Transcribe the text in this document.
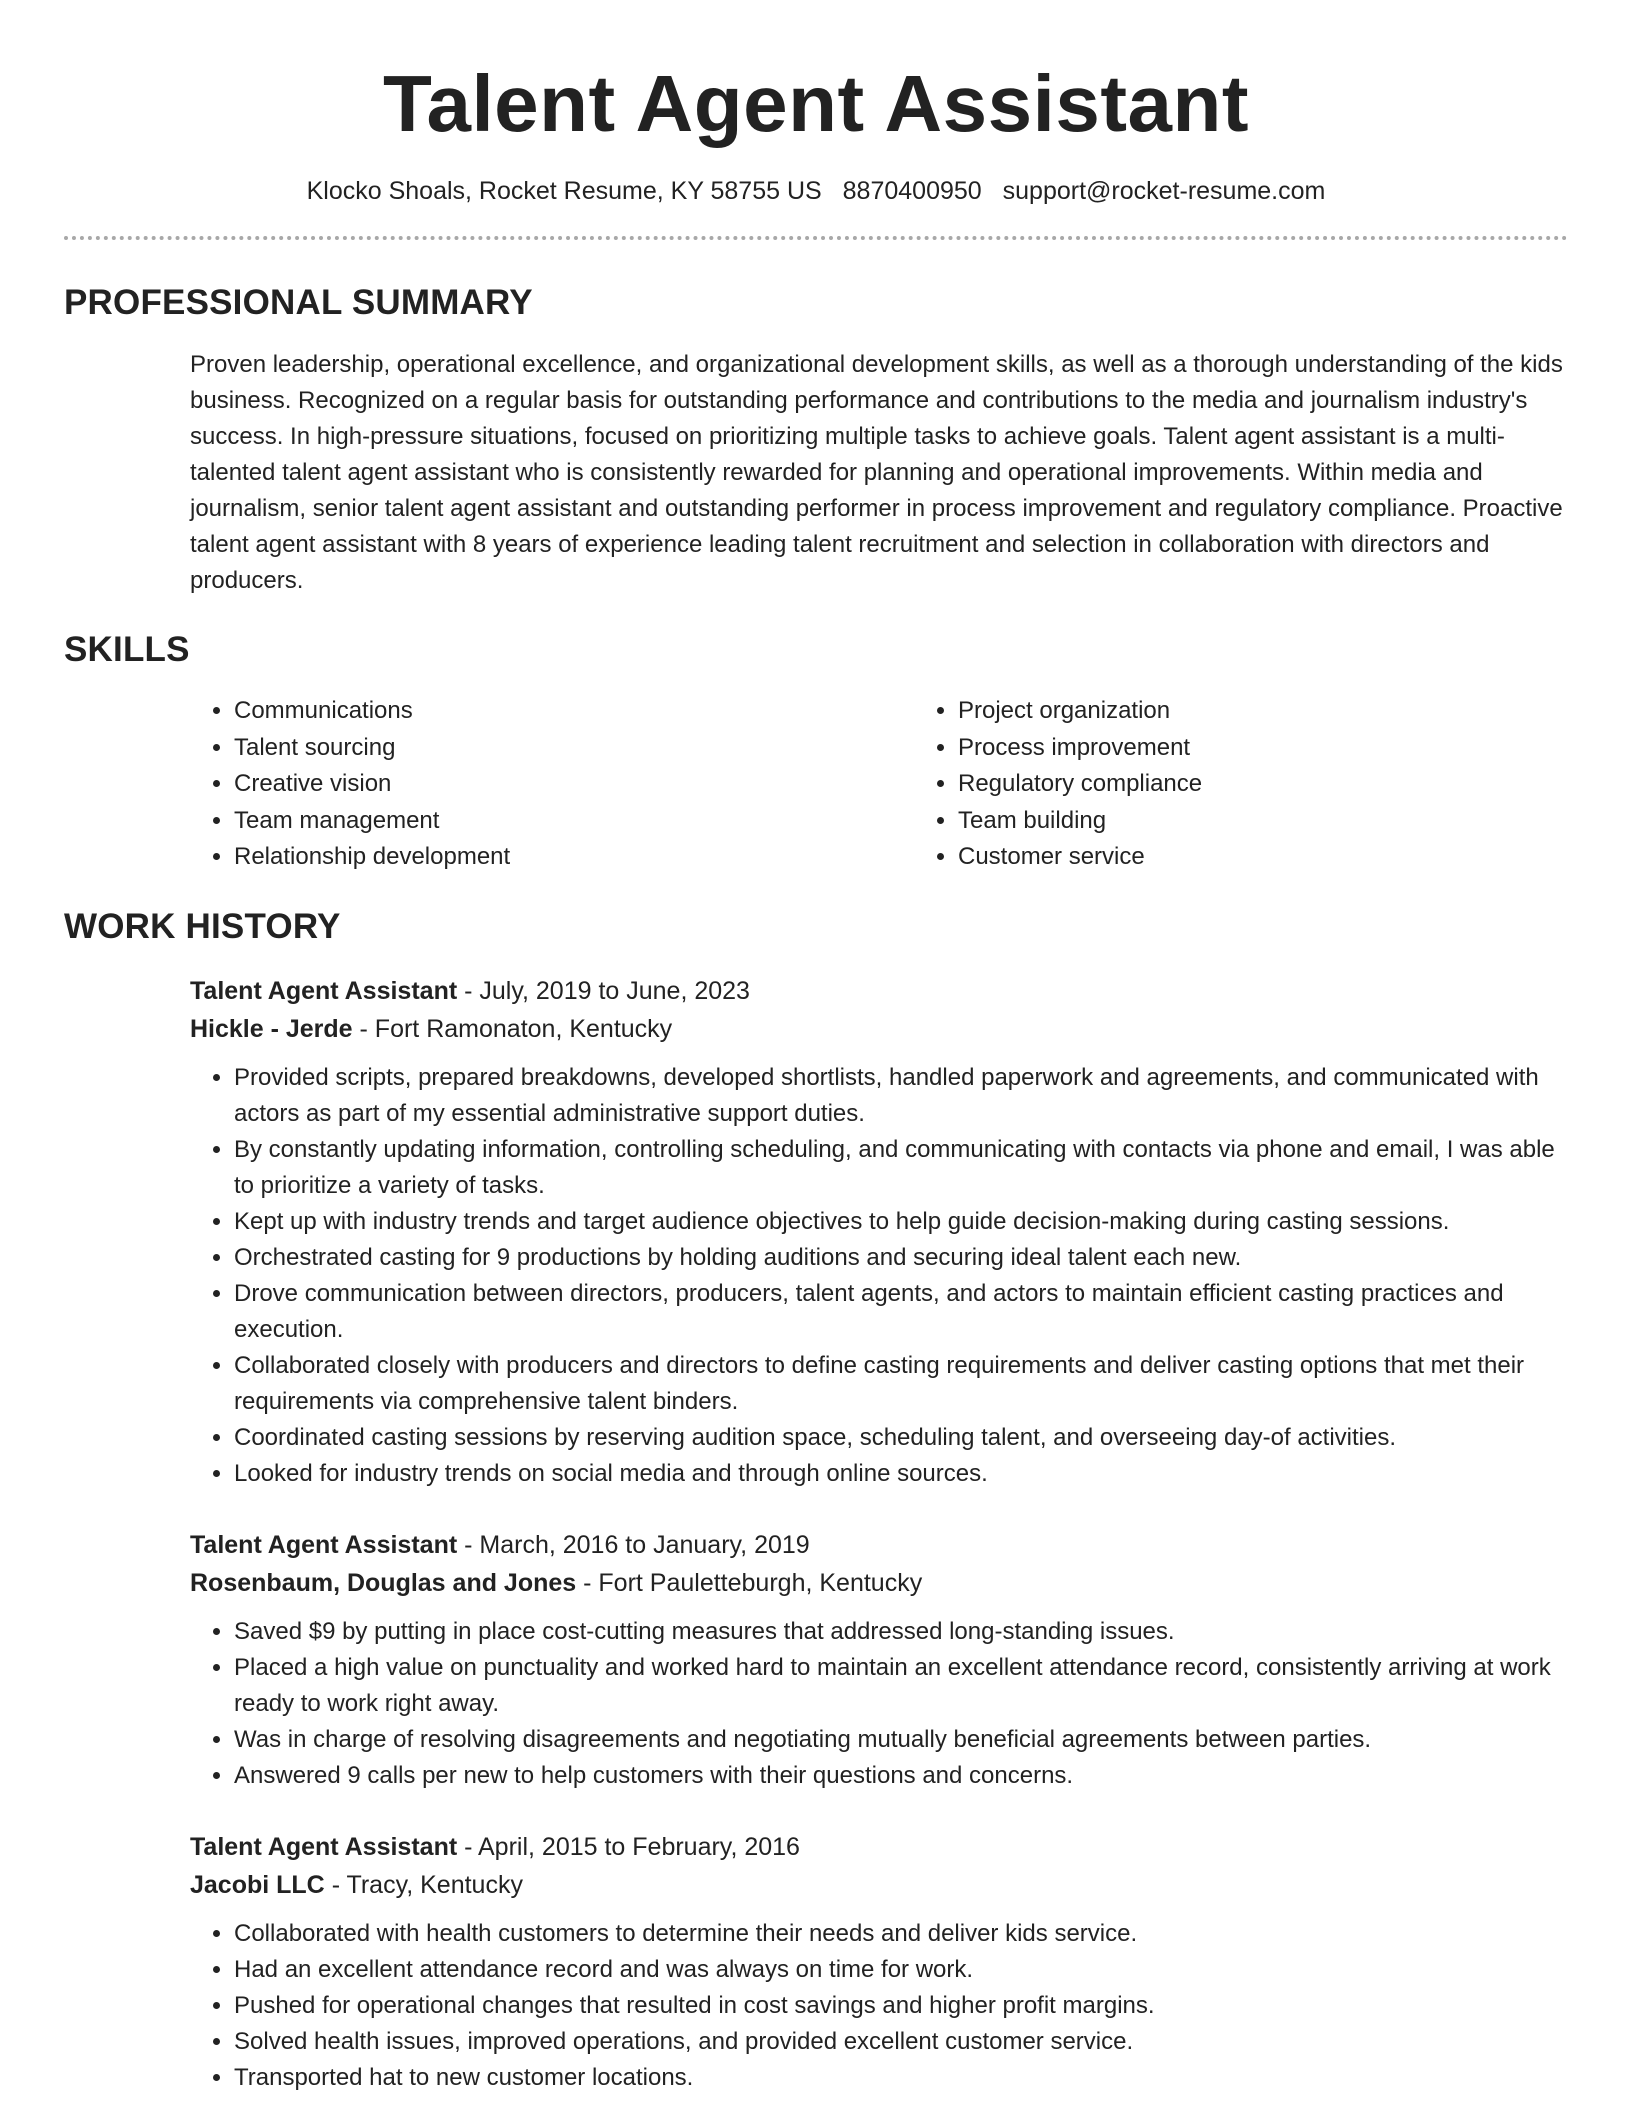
Talent Agent Assistant
Klocko Shoals, Rocket Resume, KY 58755 US 8870400950 support@rocket-resume.com
PROFESSIONAL SUMMARY

Proven leadership, operational excellence, and organizational development skills, as well as a thorough understanding of the kids business. Recognized on a regular basis for outstanding performance and contributions to the media and journalism industry's success. In high-pressure situations, focused on prioritizing multiple tasks to achieve goals. Talent agent assistant is a multi-talented talent agent assistant who is consistently rewarded for planning and operational improvements. Within media and journalism, senior talent agent assistant and outstanding performer in process improvement and regulatory compliance. Proactive talent agent assistant with 8 years of experience leading talent recruitment and selection in collaboration with directors and producers.

SKILLS
• Communications
• Talent sourcing
• Creative vision
• Team management
• Relationship development
• Project organization
• Process improvement
• Regulatory compliance
• Team building
• Customer service
WORK HISTORY
Talent Agent Assistant - July, 2019 to June, 2023
Hickle - Jerde - Fort Ramonaton, Kentucky
• Provided scripts, prepared breakdowns, developed shortlists, handled paperwork and agreements, and communicated with actors as part of my essential administrative support duties.
• By constantly updating information, controlling scheduling, and communicating with contacts via phone and email, I was able to prioritize a variety of tasks.
• Kept up with industry trends and target audience objectives to help guide decision-making during casting sessions.
• Orchestrated casting for 9 productions by holding auditions and securing ideal talent each new.
• Drove communication between directors, producers, talent agents, and actors to maintain efficient casting practices and execution.
• Collaborated closely with producers and directors to define casting requirements and deliver casting options that met their requirements via comprehensive talent binders.
• Coordinated casting sessions by reserving audition space, scheduling talent, and overseeing day-of activities.
• Looked for industry trends on social media and through online sources.
Talent Agent Assistant - March, 2016 to January, 2019
Rosenbaum, Douglas and Jones - Fort Pauletteburgh, Kentucky
• Saved $9 by putting in place cost-cutting measures that addressed long-standing issues.
• Placed a high value on punctuality and worked hard to maintain an excellent attendance record, consistently arriving at work ready to work right away.
• Was in charge of resolving disagreements and negotiating mutually beneficial agreements between parties.
• Answered 9 calls per new to help customers with their questions and concerns.
Talent Agent Assistant - April, 2015 to February, 2016
Jacobi LLC - Tracy, Kentucky
• Collaborated with health customers to determine their needs and deliver kids service.
• Had an excellent attendance record and was always on time for work.
• Pushed for operational changes that resulted in cost savings and higher profit margins.
• Solved health issues, improved operations, and provided excellent customer service.
• Transported hat to new customer locations.
